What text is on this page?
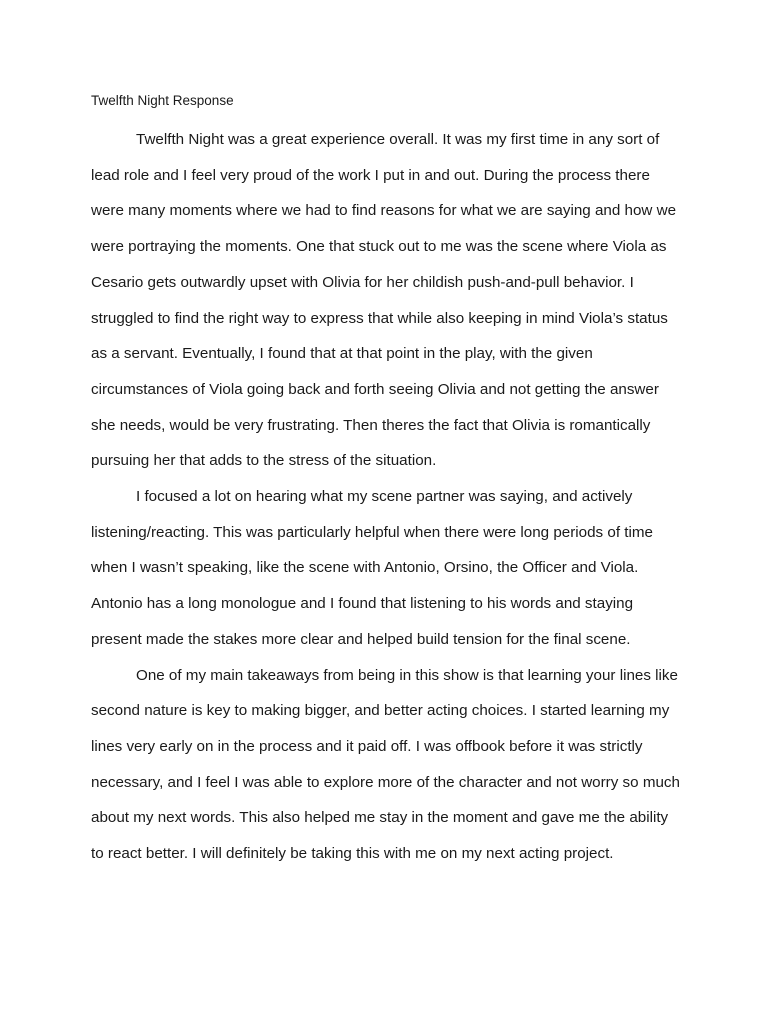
Twelfth Night Response

Twelfth Night was a great experience overall. It was my first time in any sort of
lead role and I feel very proud of the work I put in and out. During the process there
were many moments where we had to find reasons for what we are saying and how we
were portraying the moments. One that stuck out to me was the scene where Viola as
Cesario gets outwardly upset with Olivia for her childish push-and-pull behavior. I
struggled to find the right way to express that while also keeping in mind Viola’s status
as a servant. Eventually, I found that at that point in the play, with the given
circumstances of Viola going back and forth seeing Olivia and not getting the answer
she needs, would be very frustrating. Then theres the fact that Olivia is romantically
pursuing her that adds to the stress of the situation.

I focused a lot on hearing what my scene partner was saying, and actively
listening/reacting. This was particularly helpful when there were long periods of time
when I wasn’t speaking, like the scene with Antonio, Orsino, the Officer and Viola.
Antonio has a long monologue and I found that listening to his words and staying
present made the stakes more clear and helped build tension for the final scene.

One of my main takeaways from being in this show is that learning your lines like
second nature is key to making bigger, and better acting choices. I started learning my
lines very early on in the process and it paid off. I was offbook before it was strictly
necessary, and I feel I was able to explore more of the character and not worry so much
about my next words. This also helped me stay in the moment and gave me the ability
to react better. I will definitely be taking this with me on my next acting project.
